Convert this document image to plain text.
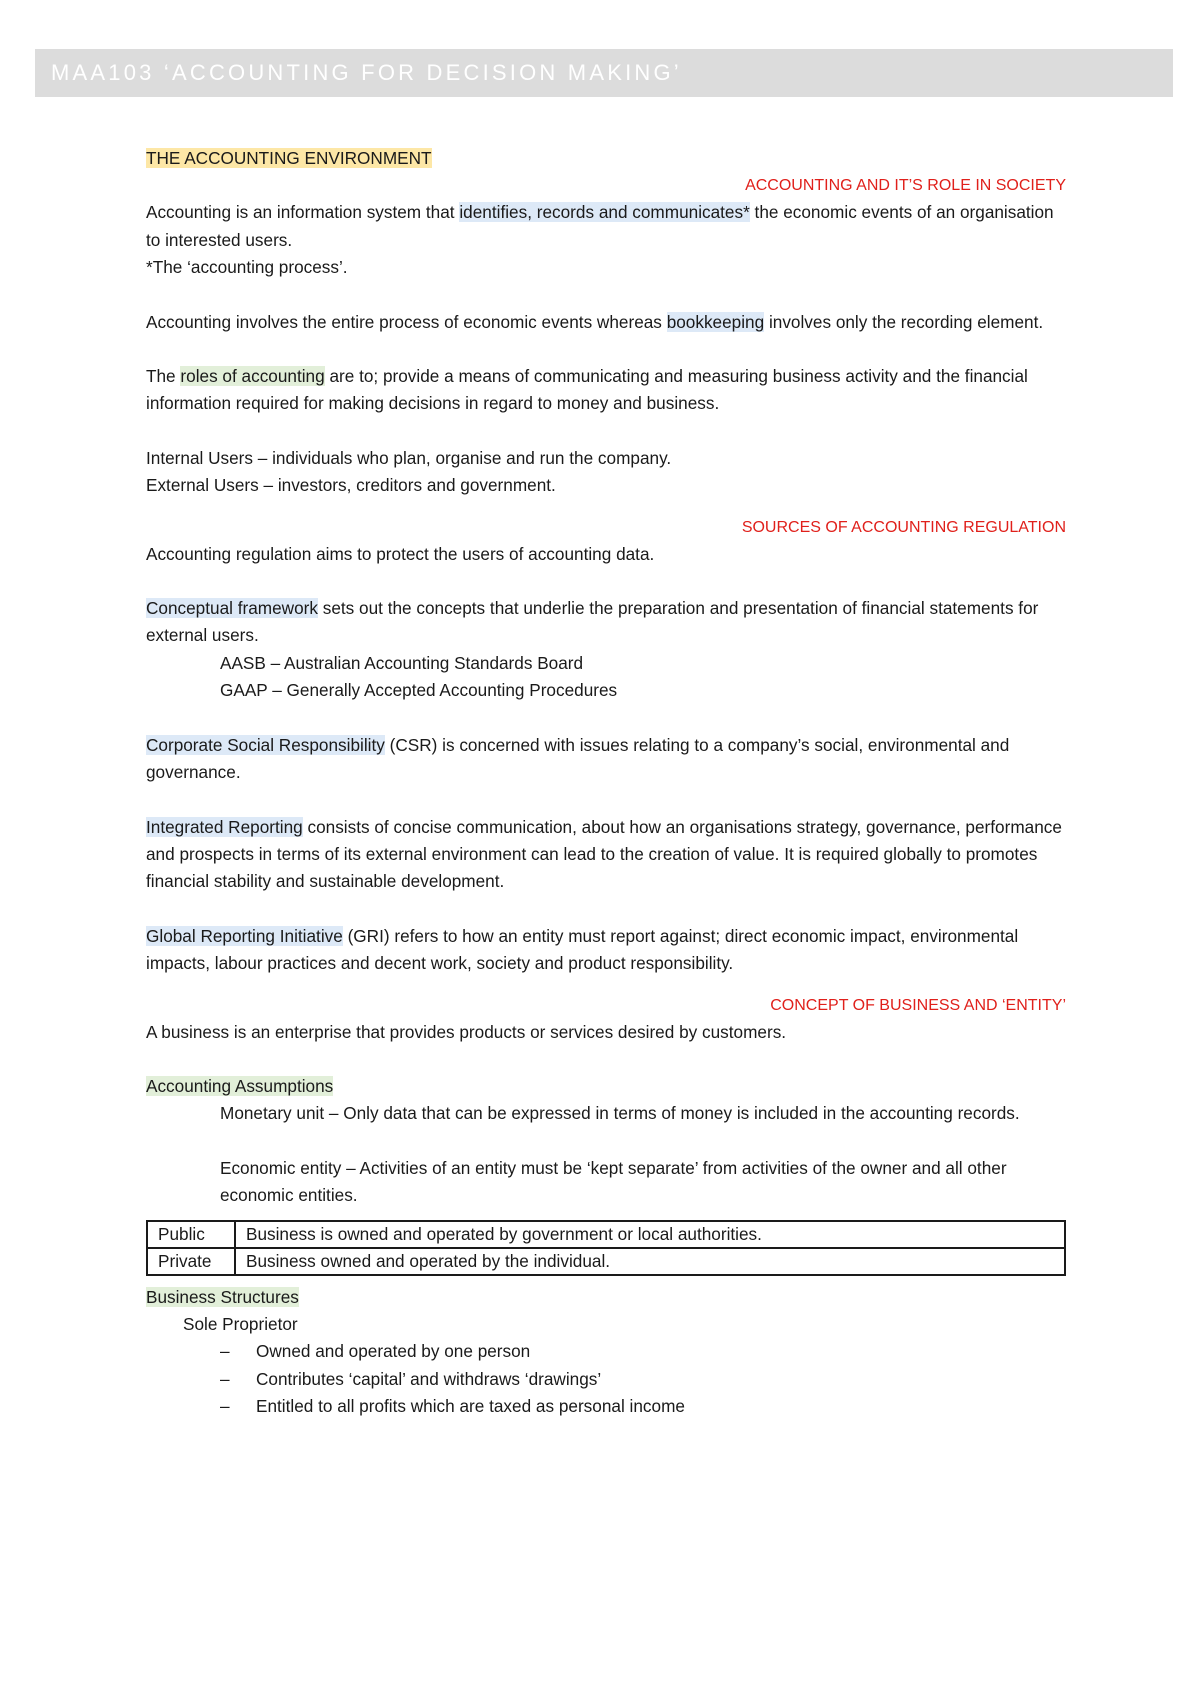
MAA103 ‘ACCOUNTING FOR DECISION MAKING’

THE ACCOUNTING ENVIRONMENT

ACCOUNTING AND IT’S ROLE IN SOCIETY

Accounting is an information system that identifies, records and communicates* the economic events of an organisation to interested users.

*The ‘accounting process’.

Accounting involves the entire process of economic events whereas bookkeeping involves only the recording element.

The roles of accounting are to; provide a means of communicating and measuring business activity and the financial information required for making decisions in regard to money and business.

Internal Users – individuals who plan, organise and run the company.

External Users – investors, creditors and government.

SOURCES OF ACCOUNTING REGULATION

Accounting regulation aims to protect the users of accounting data.

Conceptual framework sets out the concepts that underlie the preparation and presentation of financial statements for external users.

AASB – Australian Accounting Standards Board

GAAP – Generally Accepted Accounting Procedures

Corporate Social Responsibility (CSR) is concerned with issues relating to a company’s social, environmental and governance.

Integrated Reporting consists of concise communication, about how an organisations strategy, governance, performance and prospects in terms of its external environment can lead to the creation of value. It is required globally to promotes financial stability and sustainable development.

Global Reporting Initiative (GRI) refers to how an entity must report against; direct economic impact, environmental impacts, labour practices and decent work, society and product responsibility.

CONCEPT OF BUSINESS AND ‘ENTITY’

A business is an enterprise that provides products or services desired by customers.

Accounting Assumptions

Monetary unit – Only data that can be expressed in terms of money is included in the accounting records.

Economic entity – Activities of an entity must be ‘kept separate’ from activities of the owner and all other economic entities.

Public	Business is owned and operated by government or local authorities.
Private	Business owned and operated by the individual.

Business Structures

Sole Proprietor

– Owned and operated by one person
– Contributes ‘capital’ and withdraws ‘drawings’
– Entitled to all profits which are taxed as personal income
